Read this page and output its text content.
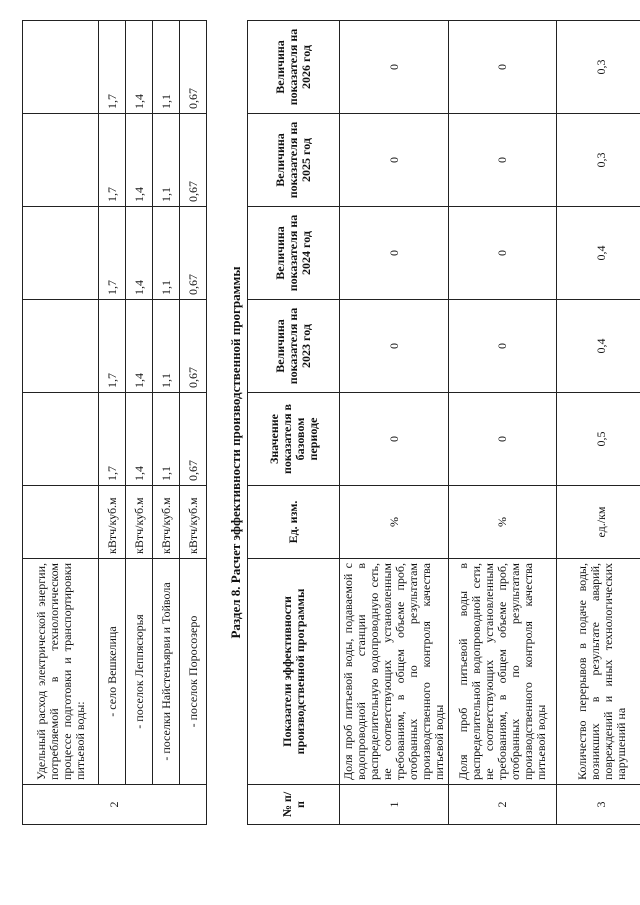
2	Удельный расход электрической энергии, потребляемой в технологическом процессе подготовки и транспортировки питьевой воды:						
	- село Вешкелица	кВтч/куб.м	1,7	1,7	1,7	1,7	1,7
	- поселок Леппясюрья	кВтч/куб.м	1,4	1,4	1,4	1,4	1,4
	- поселки Найстенъярви и Тойвола	кВтч/куб.м	1,1	1,1	1,1	1,1	1,1
	- поселок Поросозеро	кВтч/куб.м	0,67	0,67	0,67	0,67	0,67
Раздел 8. Расчет эффективности производственной программы
№ п/п	Показатели эффективности производственной программы	Ед. изм.	Значение показателя в базовом периоде	Величина показателя на 2023 год	Величина показателя на 2024 год	Величина показателя на 2025 год	Величина показателя на 2026 год
1	Доля проб питьевой воды, подаваемой с водопроводной станции в распределительную водопроводную сеть, не соответствующих установленным требованиям, в общем объеме проб, отобранных по результатам производственного контроля качества питьевой воды	%	0	0	0	0	0
2	Доля проб питьевой воды в распределительной водопроводной сети, не соответствующих установленным требованиям, в общем объеме проб, отобранных по результатам производственного контроля качества питьевой воды	%	0	0	0	0	0
3	Количество перерывов в подаче воды, возникших в результате аварий, повреждений и иных технологических нарушений на	ед./км	0,5	0,4	0,4	0,3	0,3
